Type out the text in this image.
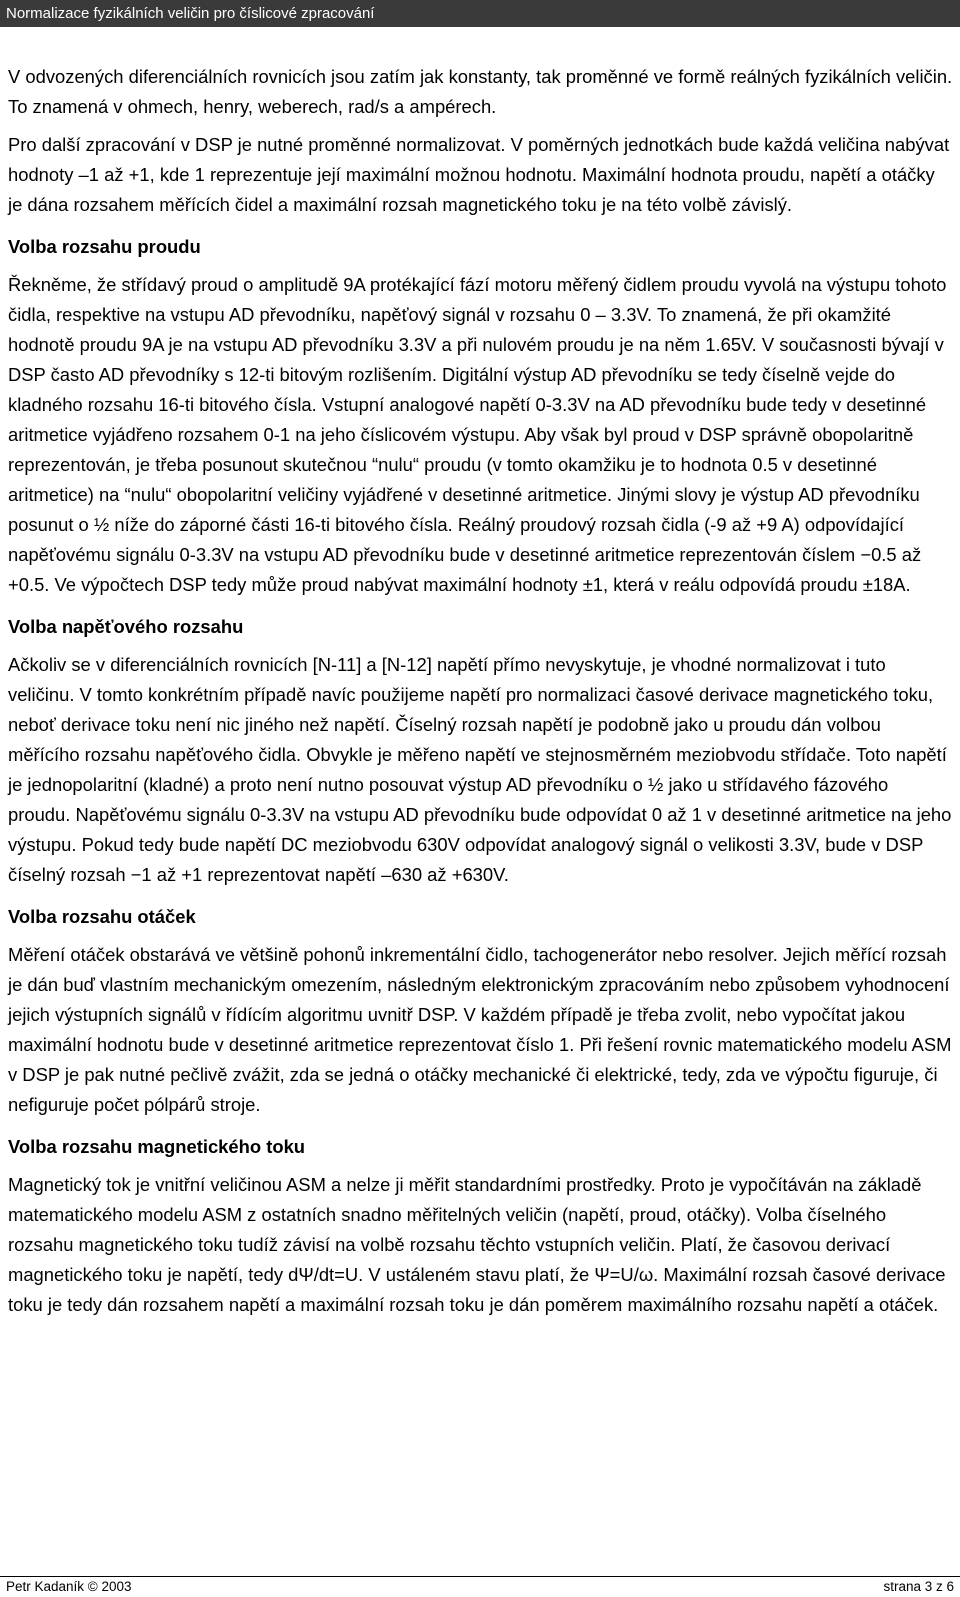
Normalizace fyzikálních veličin pro číslicové zpracování

V odvozených diferenciálních rovnicích jsou zatím jak konstanty, tak proměnné ve formě reálných fyzikálních veličin. To znamená v ohmech, henry, weberech, rad/s a ampérech.

Pro další zpracování v DSP je nutné proměnné normalizovat. V poměrných jednotkách bude každá veličina nabývat hodnoty –1 až +1, kde 1 reprezentuje její maximální možnou hodnotu. Maximální hodnota proudu, napětí a otáčky je dána rozsahem měřících čidel a maximální rozsah magnetického toku je na této volbě závislý.

Volba rozsahu proudu

Řekněme, že střídavý proud o amplitudě 9A protékající fází motoru měřený čidlem proudu vyvolá na výstupu tohoto čidla, respektive na vstupu AD převodníku, napěťový signál v rozsahu 0 – 3.3V. To znamená, že při okamžité hodnotě proudu 9A je na vstupu AD převodníku 3.3V a při nulovém proudu je na něm 1.65V. V současnosti bývají v DSP často AD převodníky s 12-ti bitovým rozlišením. Digitální výstup AD převodníku se tedy číselně vejde do kladného rozsahu 16-ti bitového čísla. Vstupní analogové napětí 0-3.3V na AD převodníku bude tedy v desetinné aritmetice vyjádřeno rozsahem 0-1 na jeho číslicovém výstupu. Aby však byl proud v DSP správně obopolaritně reprezentován, je třeba posunout skutečnou “nulu“ proudu (v tomto okamžiku je to hodnota 0.5 v desetinné aritmetice) na “nulu“ obopolaritní veličiny vyjádřené v desetinné aritmetice. Jinými slovy je výstup AD převodníku posunut o ½ níže do záporné části 16-ti bitového čísla. Reálný proudový rozsah čidla (-9 až +9 A) odpovídající napěťovému signálu 0-3.3V na vstupu AD převodníku bude v desetinné aritmetice reprezentován číslem −0.5 až +0.5. Ve výpočtech DSP tedy může proud nabývat maximální hodnoty ±1, která v reálu odpovídá proudu ±18A.

Volba napěťového rozsahu

Ačkoliv se v diferenciálních rovnicích [N-11] a [N-12] napětí přímo nevyskytuje, je vhodné normalizovat i tuto veličinu. V tomto konkrétním případě navíc použijeme napětí pro normalizaci časové derivace magnetického toku, neboť derivace toku není nic jiného než napětí. Číselný rozsah napětí je podobně jako u proudu dán volbou měřícího rozsahu napěťového čidla. Obvykle je měřeno napětí ve stejnosměrném meziobvodu střídače. Toto napětí je jednopolaritní (kladné) a proto není nutno posouvat výstup AD převodníku o ½ jako u střídavého fázového proudu. Napěťovému signálu 0-3.3V na vstupu AD převodníku bude odpovídat 0 až 1 v desetinné aritmetice na jeho výstupu. Pokud tedy bude napětí DC meziobvodu 630V odpovídat analogový signál o velikosti 3.3V, bude v DSP číselný rozsah −1 až +1 reprezentovat napětí –630 až +630V.

Volba rozsahu otáček

Měření otáček obstarává ve většině pohonů inkrementální čidlo, tachogenerátor nebo resolver. Jejich měřící rozsah je dán buď vlastním mechanickým omezením, následným elektronickým zpracováním nebo způsobem vyhodnocení jejich výstupních signálů v řídícím algoritmu uvnitř DSP. V každém případě je třeba zvolit, nebo vypočítat jakou maximální hodnotu bude v desetinné aritmetice reprezentovat číslo 1. Při řešení rovnic matematického modelu ASM v DSP je pak nutné pečlivě zvážit, zda se jedná o otáčky mechanické či elektrické, tedy, zda ve výpočtu figuruje, či nefiguruje počet pólpárů stroje.

Volba rozsahu magnetického toku

Magnetický tok je vnitřní veličinou ASM a nelze ji měřit standardními prostředky. Proto je vypočítáván na základě matematického modelu ASM z ostatních snadno měřitelných veličin (napětí, proud, otáčky). Volba číselného rozsahu magnetického toku tudíž závisí na volbě rozsahu těchto vstupních veličin. Platí, že časovou derivací magnetického toku je napětí, tedy dΨ/dt=U. V ustáleném stavu platí, že Ψ=U/ω. Maximální rozsah časové derivace toku je tedy dán rozsahem napětí a maximální rozsah toku je dán poměrem maximálního rozsahu napětí a otáček.

Petr Kadaník © 2003	strana 3 z 6
